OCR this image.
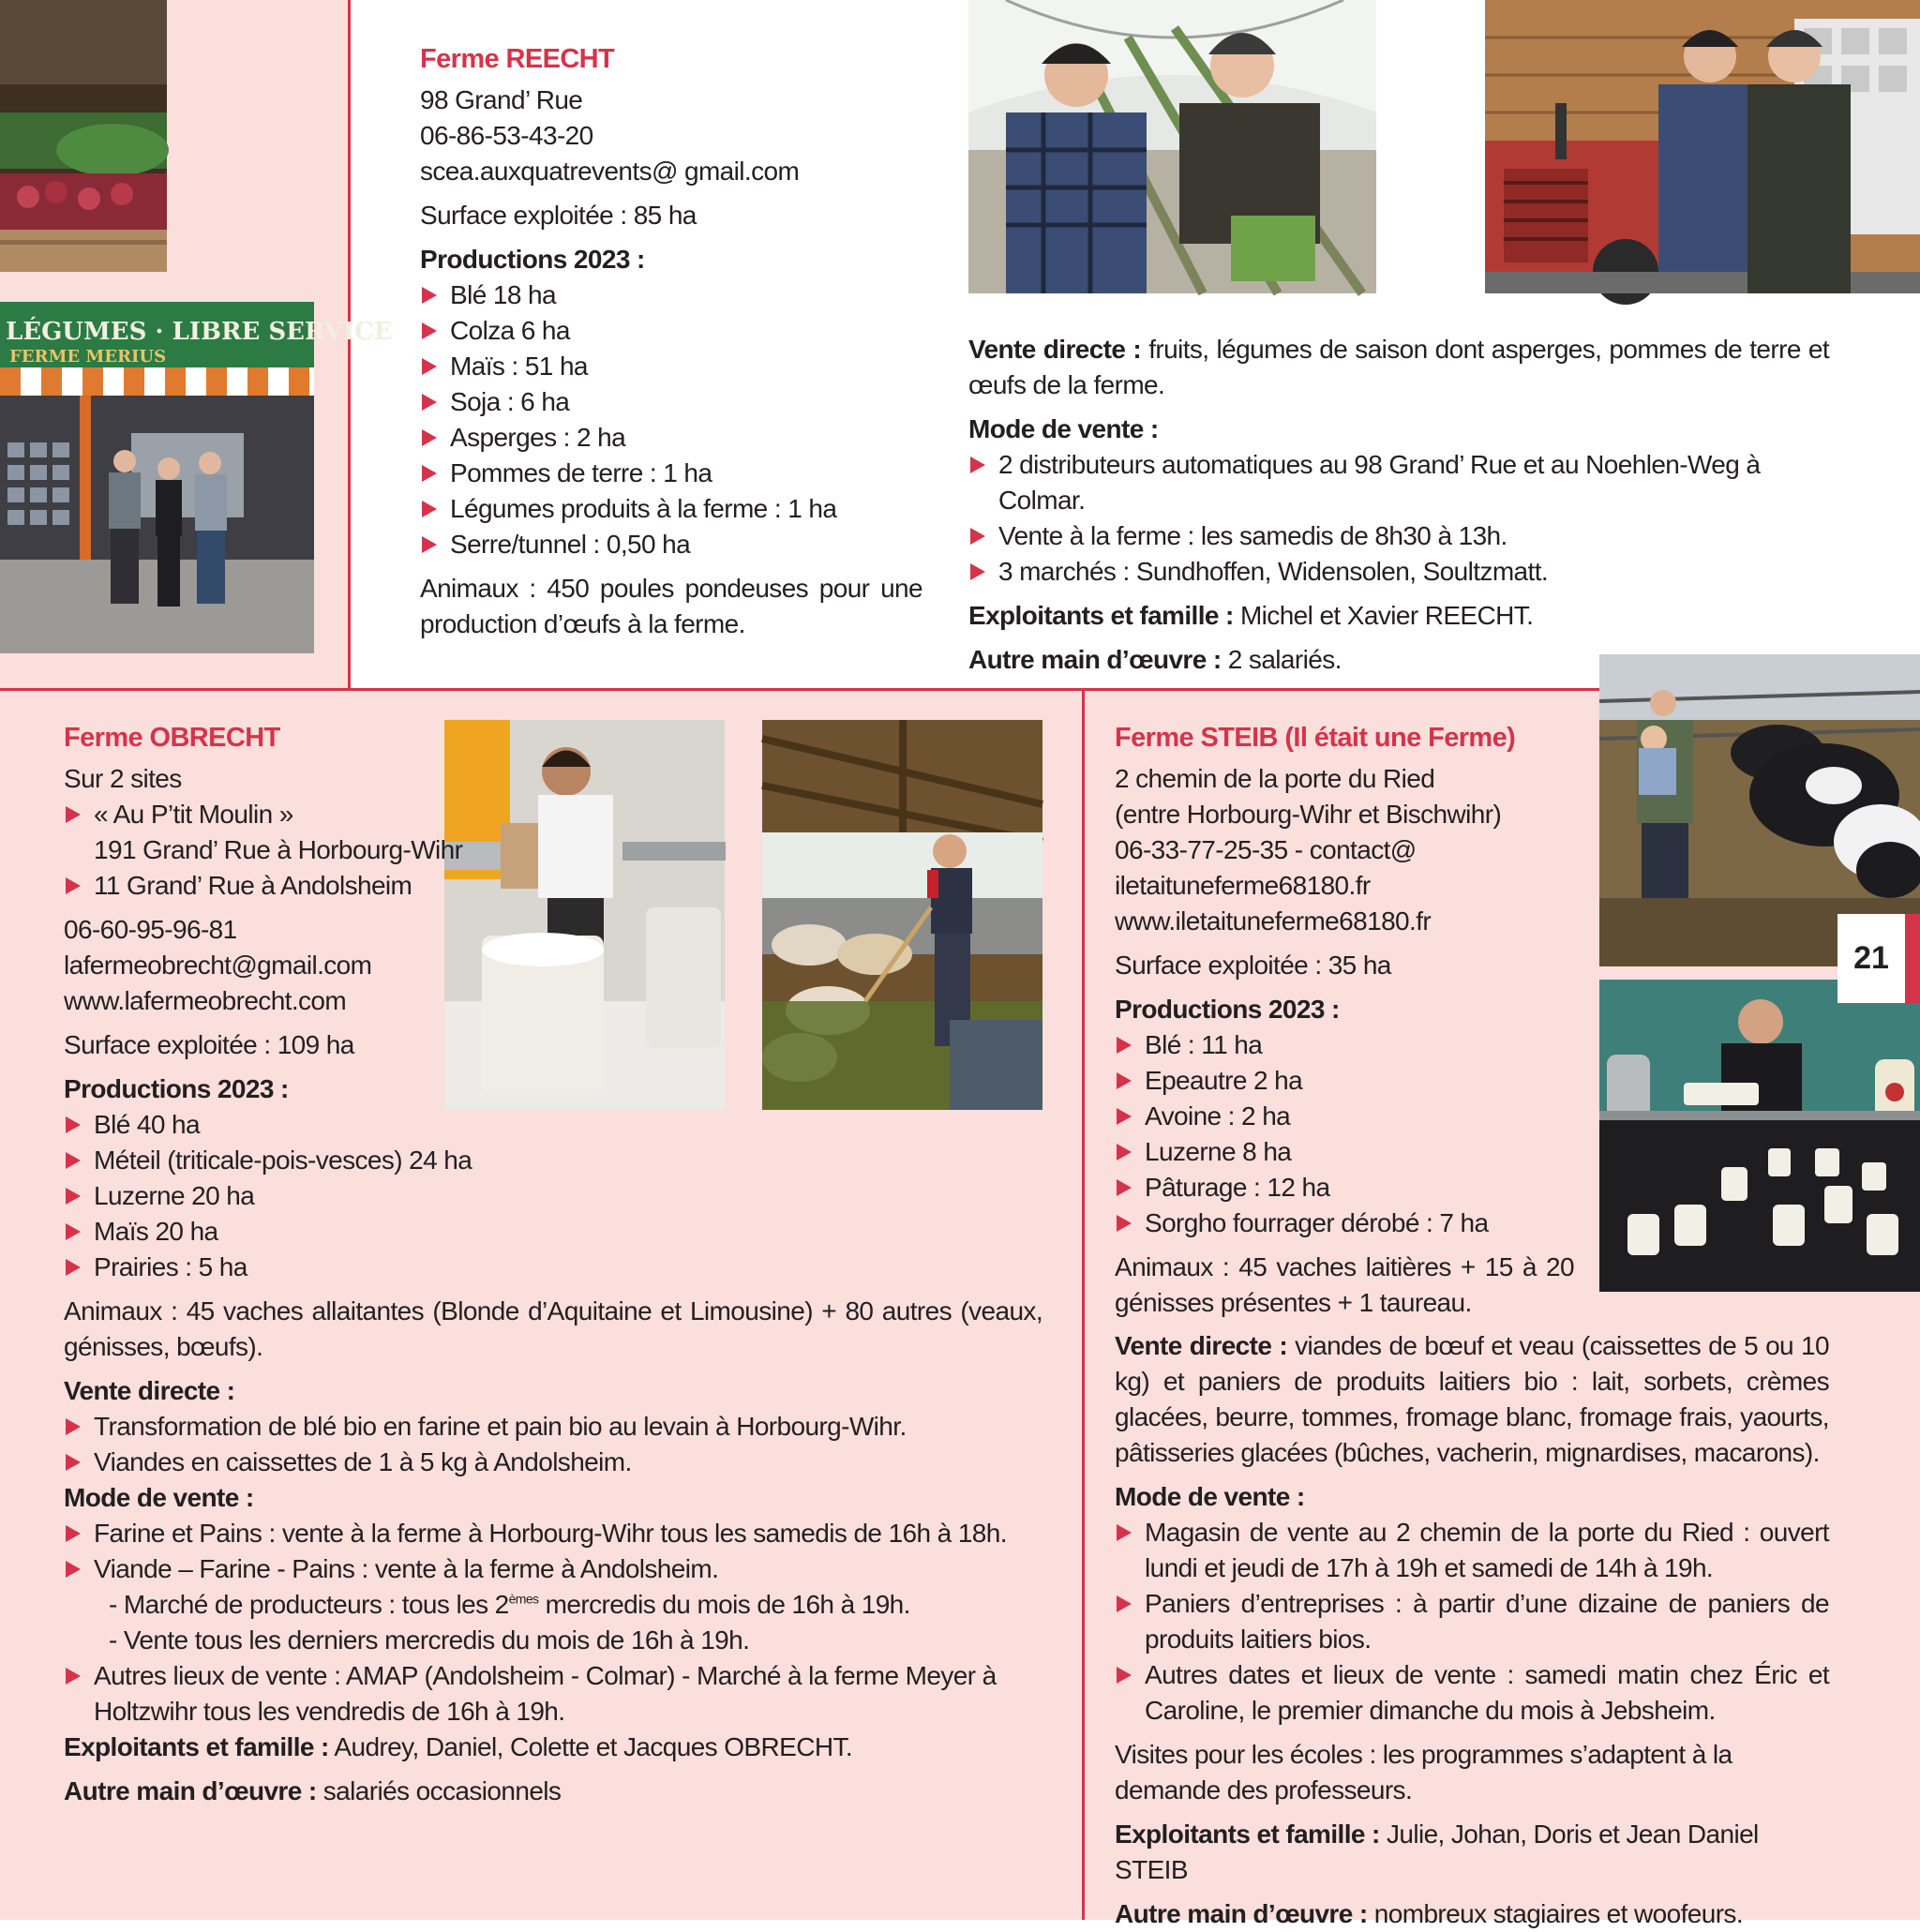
LÉGUMES · LIBRE SERVICE
FERME MERIUS
Ferme REECHT
98 Grand’ Rue
06-86-53-43-20
scea.auxquatrevents@ gmail.com
Surface exploitée : 85 ha
Productions 2023 :
Blé 18 ha
Colza 6 ha
Maïs : 51 ha
Soja : 6 ha
Asperges : 2 ha
Pommes de terre : 1 ha
Légumes produits à la ferme : 1 ha
Serre/tunnel : 0,50 ha
Animaux : 450 poules pondeuses pour une production d’œufs à la ferme.
Vente directe : fruits, légumes de saison dont asperges, pommes de terre et œufs de la ferme.
Mode de vente :
2 distributeurs automatiques au 98 Grand’ Rue et au Noehlen-Weg à Colmar.
Vente à la ferme : les samedis de 8h30 à 13h.
3 marchés : Sundhoffen, Widensolen, Soultzmatt.
Exploitants et famille : Michel et Xavier REECHT.
Autre main d’œuvre : 2 salariés.
Ferme OBRECHT
Sur 2 sites
« Au P’tit Moulin »
191 Grand’ Rue à Horbourg-Wihr
11 Grand’ Rue à Andolsheim
06-60-95-96-81
lafermeobrecht@gmail.com
www.lafermeobrecht.com
Surface exploitée : 109 ha
Productions 2023 :
Blé 40 ha
Méteil (triticale-pois-vesces) 24 ha
Luzerne 20 ha
Maïs 20 ha
Prairies : 5 ha
Animaux : 45 vaches allaitantes (Blonde d’Aquitaine et Limousine) + 80 autres (veaux, génisses, bœufs).
Vente directe :
Transformation de blé bio en farine et pain bio au levain à Horbourg-Wihr.
Viandes en caissettes de 1 à 5 kg à Andolsheim.
Mode de vente :
Farine et Pains : vente à la ferme à Horbourg-Wihr tous les samedis de 16h à 18h.
Viande – Farine - Pains : vente à la ferme à Andolsheim.
- Marché de producteurs : tous les 2èmes mercredis du mois de 16h à 19h.
- Vente tous les derniers mercredis du mois de 16h à 19h.
Autres lieux de vente : AMAP (Andolsheim - Colmar) - Marché à la ferme Meyer à Holtzwihr tous les vendredis de 16h à 19h.
Exploitants et famille : Audrey, Daniel, Colette et Jacques OBRECHT.
Autre main d’œuvre : salariés occasionnels
Ferme STEIB (Il était une Ferme)
2 chemin de la porte du Ried
(entre Horbourg-Wihr et Bischwihr)
06-33-77-25-35 - contact@
iletaituneferme68180.fr
www.iletaituneferme68180.fr
Surface exploitée : 35 ha
Productions 2023 :
Blé : 11 ha
Epeautre 2 ha
Avoine : 2 ha
Luzerne 8 ha
Pâturage : 12 ha
Sorgho fourrager dérobé : 7 ha
Animaux : 45 vaches laitières + 15 à 20 génisses présentes + 1 taureau.
Vente directe : viandes de bœuf et veau (caissettes de 5 ou 10 kg) et paniers de produits laitiers bio : lait, sorbets, crèmes glacées, beurre, tommes, fromage blanc, fromage frais, yaourts, pâtisseries glacées (bûches, vacherin, mignardises, macarons).
Mode de vente :
Magasin de vente au 2 chemin de la porte du Ried : ouvert lundi et jeudi de 17h à 19h et samedi de 14h à 19h.
Paniers d’entreprises : à partir d’une dizaine de paniers de produits laitiers bios.
Autres dates et lieux de vente : samedi matin chez Éric et Caroline, le premier dimanche du mois à Jebsheim.
Visites pour les écoles : les programmes s’adaptent à la demande des professeurs.
Exploitants et famille : Julie, Johan, Doris et Jean Daniel STEIB
Autre main d’œuvre : nombreux stagiaires et woofeurs.
21
